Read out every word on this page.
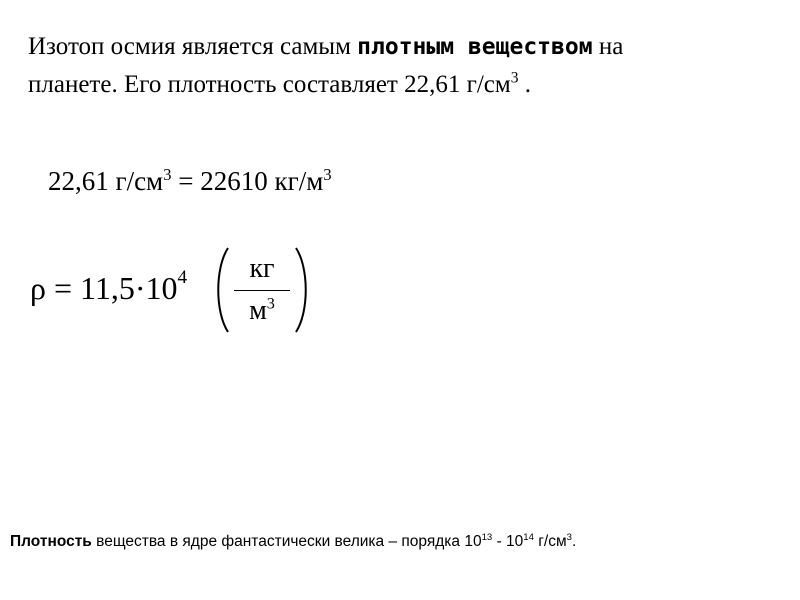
Изотоп осмия является самым плотным веществом на планете. Его плотность составляет 22,61 $г/см^3$ .
22,61 $г/см^3 = 22610$ $кг/м^3$
$\rho = 11,5\cdot 10^4$	кг
$м^3$
Плотность вещества в ядре фантастически велика – порядка $10^{13} - 10^{14}$ $г/см^3$.
